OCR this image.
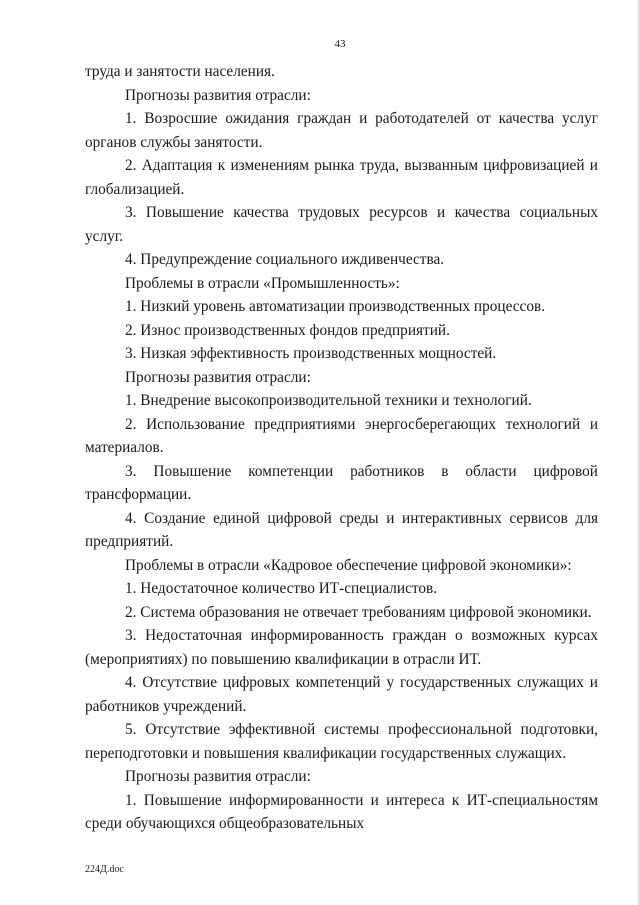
43

труда и занятости населения.

Прогнозы развития отрасли:

1. Возросшие ожидания граждан и работодателей от качества услуг органов службы занятости.

2. Адаптация к изменениям рынка труда, вызванным цифровизацией и глобализацией.

3. Повышение качества трудовых ресурсов и качества социальных услуг.

4. Предупреждение социального иждивенчества.

Проблемы в отрасли «Промышленность»:

1. Низкий уровень автоматизации производственных процессов.

2. Износ производственных фондов предприятий.

3. Низкая эффективность производственных мощностей.

Прогнозы развития отрасли:

1. Внедрение высокопроизводительной техники и технологий.

2. Использование предприятиями энергосберегающих технологий и материалов.

3. Повышение компетенции работников в области цифровой трансформации.

4. Создание единой цифровой среды и интерактивных сервисов для предприятий.

Проблемы в отрасли «Кадровое обеспечение цифровой экономики»:

1. Недостаточное количество ИТ-специалистов.

2. Система образования не отвечает требованиям цифровой экономики.

3. Недостаточная информированность граждан о возможных курсах (мероприятиях) по повышению квалификации в отрасли ИТ.

4. Отсутствие цифровых компетенций у государственных служащих и работников учреждений.

5. Отсутствие эффективной системы профессиональной подготовки, переподготовки и повышения квалификации государственных служащих.

Прогнозы развития отрасли:

1. Повышение информированности и интереса к ИТ-специальностям среди обучающихся общеобразовательных

224Д.doc
